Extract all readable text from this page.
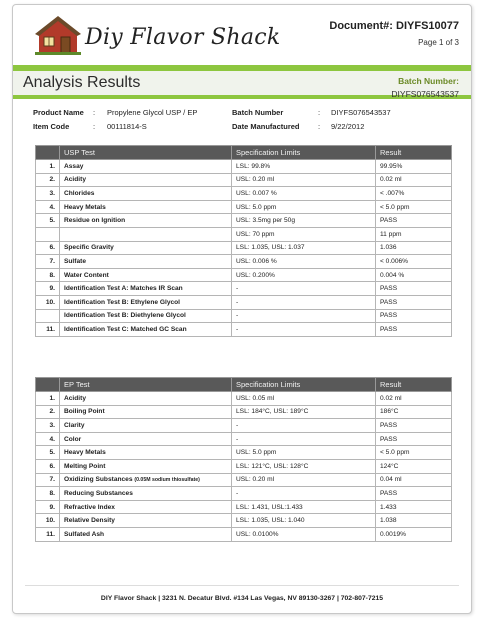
Diy Flavor Shack	Document#: DIYFS10077
Page 1 of 3
Analysis Results	Batch Number:
DIYFS076543537
Product Name : Propylene Glycol USP / EP	Batch Number	: DIYFS076543537
Item Code	: 00111814-S	Date Manufactured : 9/22/2012
	USP Test	Specification Limits	Result
1.	Assay	LSL: 99.8%	99.95%
2.	Acidity	USL: 0.20 ml	0.02 ml
3.	Chlorides	USL: 0.007 %	< .007%
4.	Heavy Metals	USL: 5.0 ppm	< 5.0 ppm
5.	Residue on Ignition	USL: 3.5mg per 50g	PASS
		USL: 70 ppm	11 ppm
6.	Specific Gravity	LSL: 1.035, USL: 1.037	1.036
7.	Sulfate	USL: 0.006 %	< 0.006%
8.	Water Content	USL: 0.200%	0.004 %
9.	Identification Test A: Matches IR Scan	-	PASS
10.	Identification Test B: Ethylene Glycol	-	PASS
	Identification Test B: Diethylene Glycol	-	PASS
11.	Identification Test C: Matched GC Scan	-	PASS
	EP Test	Specification Limits	Result
1.	Acidity	USL: 0.05 ml	0.02 ml
2.	Boiling Point	LSL: 184°C, USL: 189°C	186°C
3.	Clarity	-	PASS
4.	Color	-	PASS
5.	Heavy Metals	USL: 5.0 ppm	< 5.0 ppm
6.	Melting Point	LSL: 121°C, USL: 128°C	124°C
7.	Oxidizing Substances (0.05M sodium thiosulfate)	USL: 0.20 ml	0.04 ml
8.	Reducing Substances	-	PASS
9.	Refractive Index	LSL: 1.431, USL:1.433	1.433
10.	Relative Density	LSL: 1.035, USL: 1.040	1.038
11.	Sulfated Ash	USL: 0.0100%	0.0019%
DIY Flavor Shack | 3231 N. Decatur Blvd. #134 Las Vegas, NV 89130-3267 | 702-807-7215
